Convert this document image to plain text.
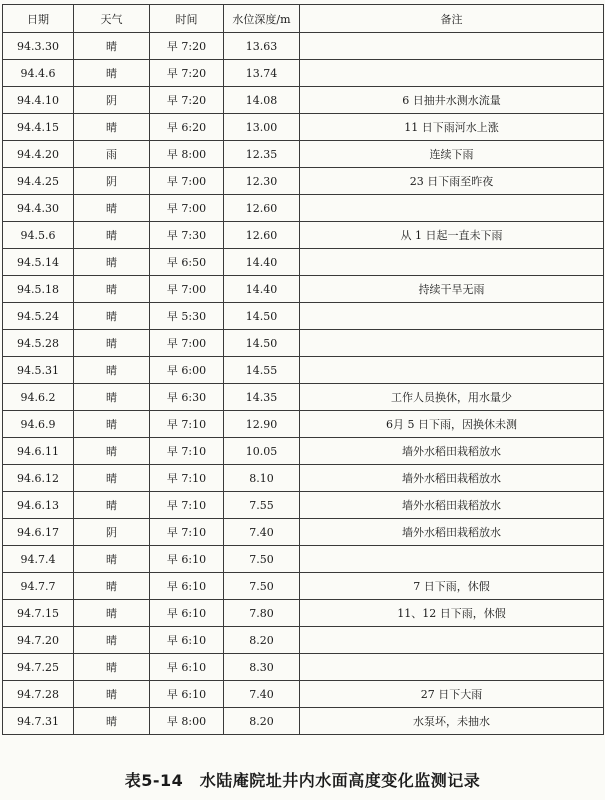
日期	天气	时间	水位深度/m	备注
94.3.30	晴	早 7:20	13.63	
94.4.6	晴	早 7:20	13.74	
94.4.10	阴	早 7:20	14.08	6 日抽井水测水流量
94.4.15	晴	早 6:20	13.00	11 日下雨河水上涨
94.4.20	雨	早 8:00	12.35	连续下雨
94.4.25	阴	早 7:00	12.30	23 日下雨至昨夜
94.4.30	晴	早 7:00	12.60	
94.5.6	晴	早 7:30	12.60	从 1 日起一直未下雨
94.5.14	晴	早 6:50	14.40	
94.5.18	晴	早 7:00	14.40	持续干旱无雨
94.5.24	晴	早 5:30	14.50	
94.5.28	晴	早 7:00	14.50	
94.5.31	晴	早 6:00	14.55	
94.6.2	晴	早 6:30	14.35	工作人员换休，用水量少
94.6.9	晴	早 7:10	12.90	6月 5 日下雨，因换休未测
94.6.11	晴	早 7:10	10.05	墙外水稻田栽稻放水
94.6.12	晴	早 7:10	8.10	墙外水稻田栽稻放水
94.6.13	晴	早 7:10	7.55	墙外水稻田栽稻放水
94.6.17	阴	早 7:10	7.40	墙外水稻田栽稻放水
94.7.4	晴	早 6:10	7.50	
94.7.7	晴	早 6:10	7.50	7 日下雨，休假
94.7.15	晴	早 6:10	7.80	11、12 日下雨，休假
94.7.20	晴	早 6:10	8.20	
94.7.25	晴	早 6:10	8.30	
94.7.28	晴	早 6:10	7.40	27 日下大雨
94.7.31	晴	早 8:00	8.20	水泵坏，未抽水
表5-14　水陆庵院址井内水面高度变化监测记录
